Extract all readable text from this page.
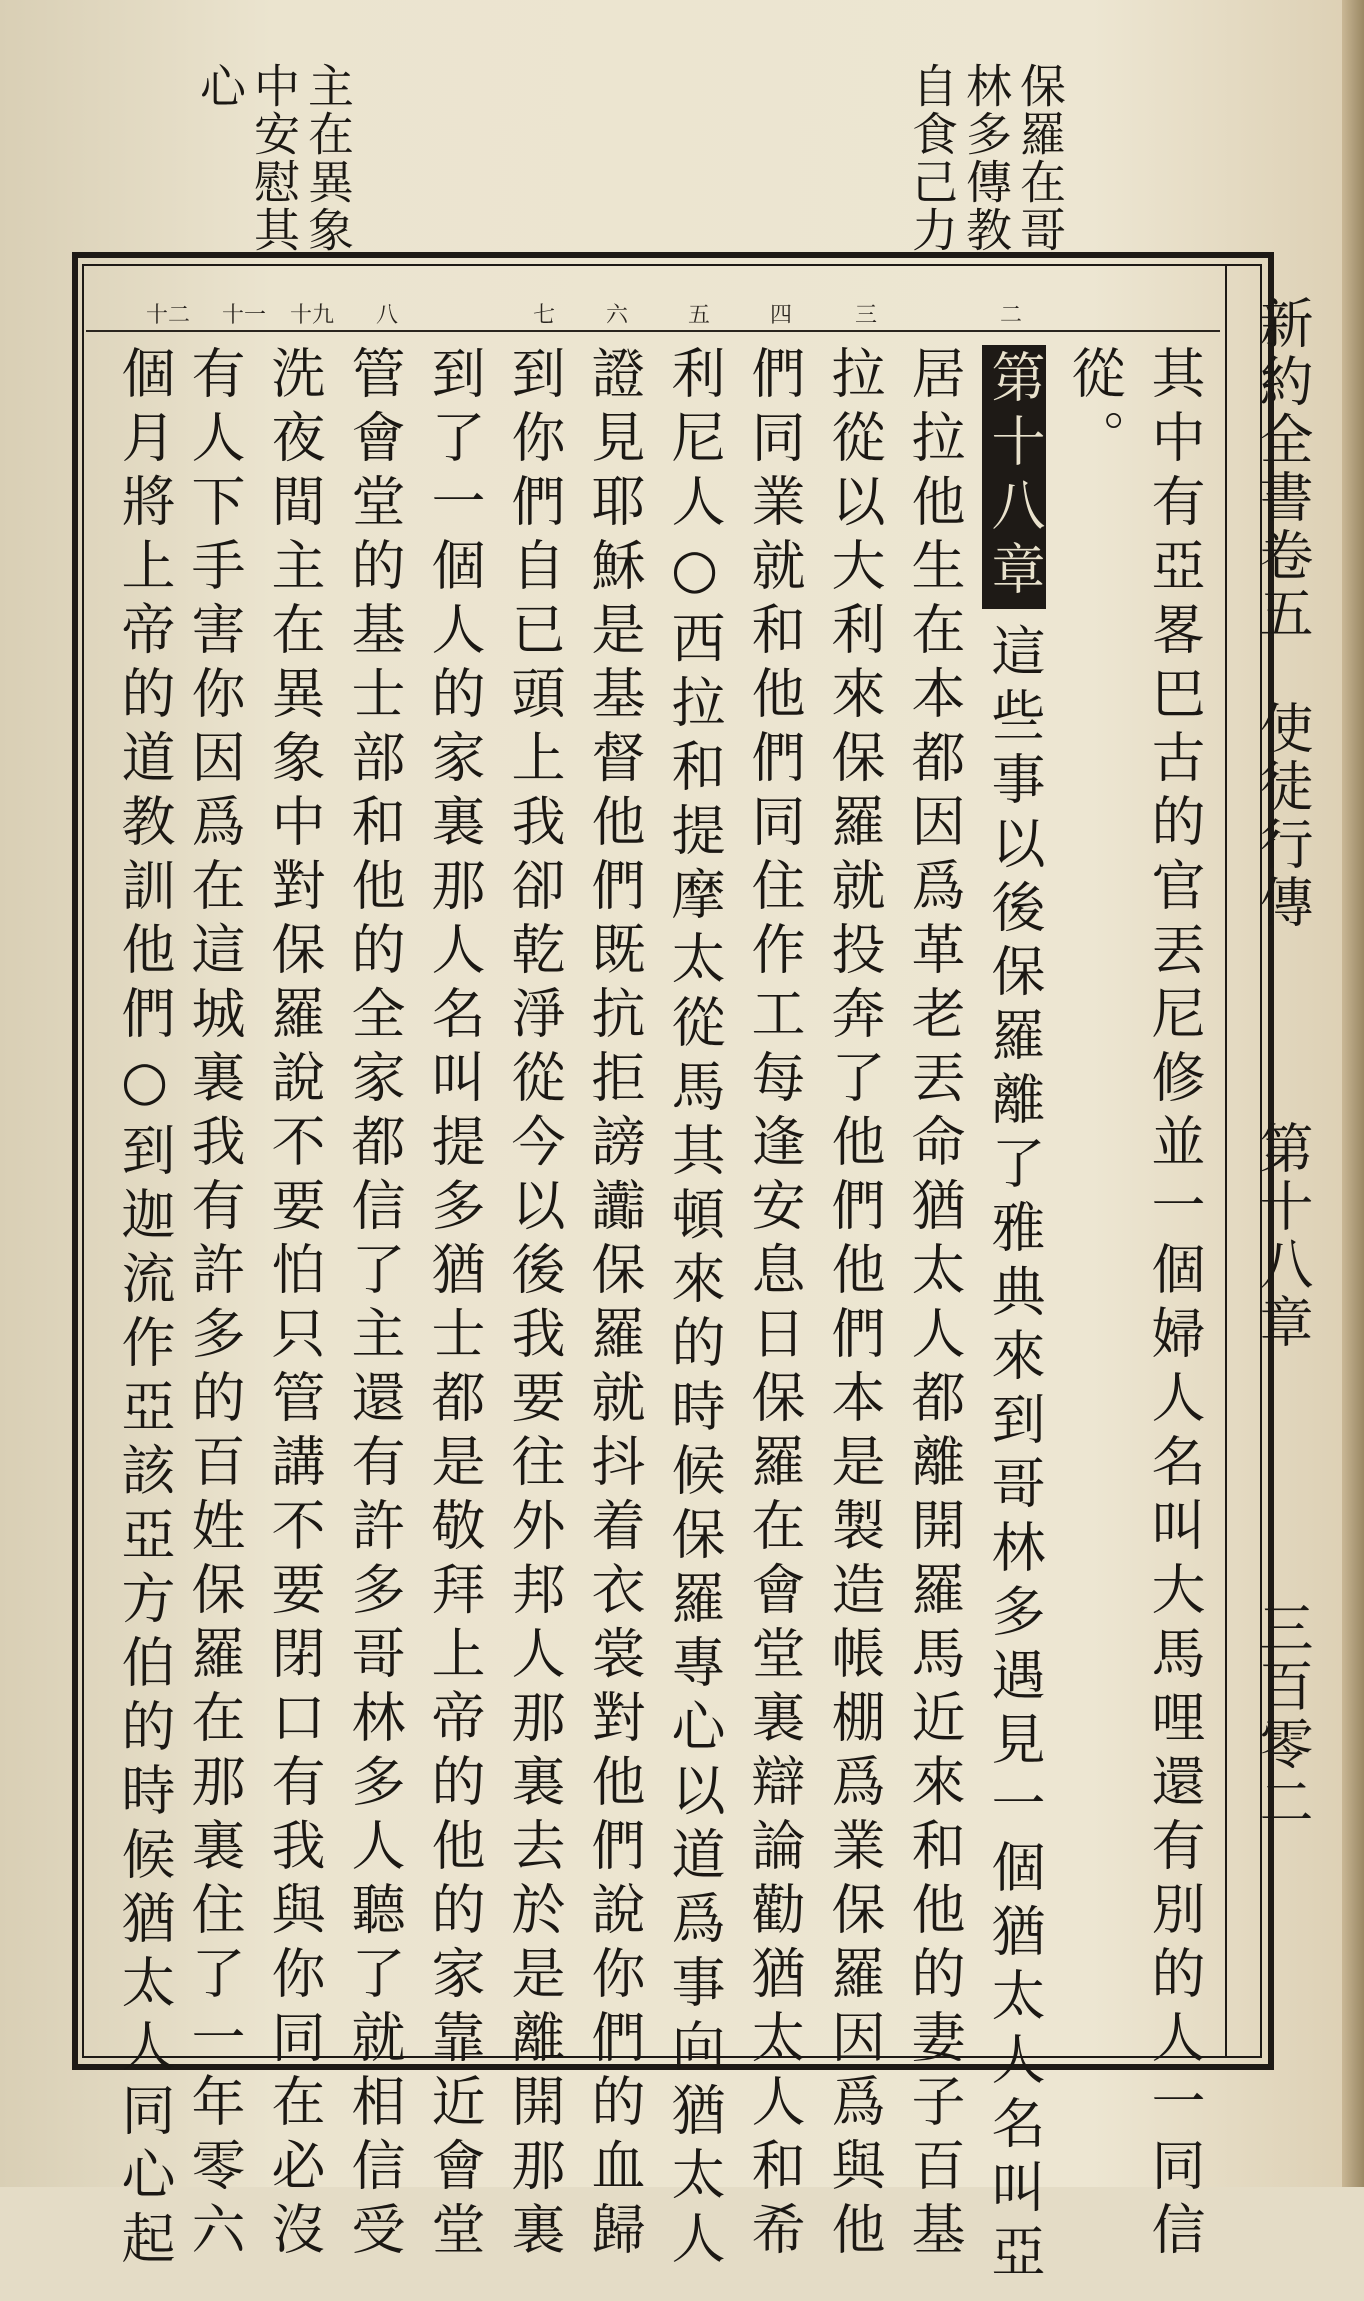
保羅在哥
林多傳教
自食己力
主在異象
中安慰其
心
新約全書卷五
使徒行傳
第十八章
三百零二
二
三
四
五
六
七
八
十九
十一
十二
其中有亞畧巴古的官丟尼修並一個婦人名叫大馬哩還有別的人一同信
從。
第十八章這些事以後保羅離了雅典來到哥林多遇見一個猶太人名叫亞
居拉他生在本都因爲革老丟命猶太人都離開羅馬近來和他的妻子百基
拉從以大利來保羅就投奔了他們他們本是製造帳棚爲業保羅因爲與他
們同業就和他們同住作工每逢安息日保羅在會堂裏辯論勸猶太人和希
利尼人○西拉和提摩太從馬其頓來的時候保羅專心以道爲事向猶太人
證見耶穌是基督他們既抗拒謗讟保羅就抖着衣裳對他們說你們的血歸
到你們自已頭上我卻乾淨從今以後我要往外邦人那裏去於是離開那裏
到了一個人的家裏那人名叫提多猶士都是敬拜上帝的他的家靠近會堂
管會堂的基士部和他的全家都信了主還有許多哥林多人聽了就相信受
洗夜間主在異象中對保羅說不要怕只管講不要閉口有我與你同在必沒
有人下手害你因爲在這城裏我有許多的百姓保羅在那裏住了一年零六
個月將上帝的道教訓他們○到迦流作亞該亞方伯的時候猶太人同心起
